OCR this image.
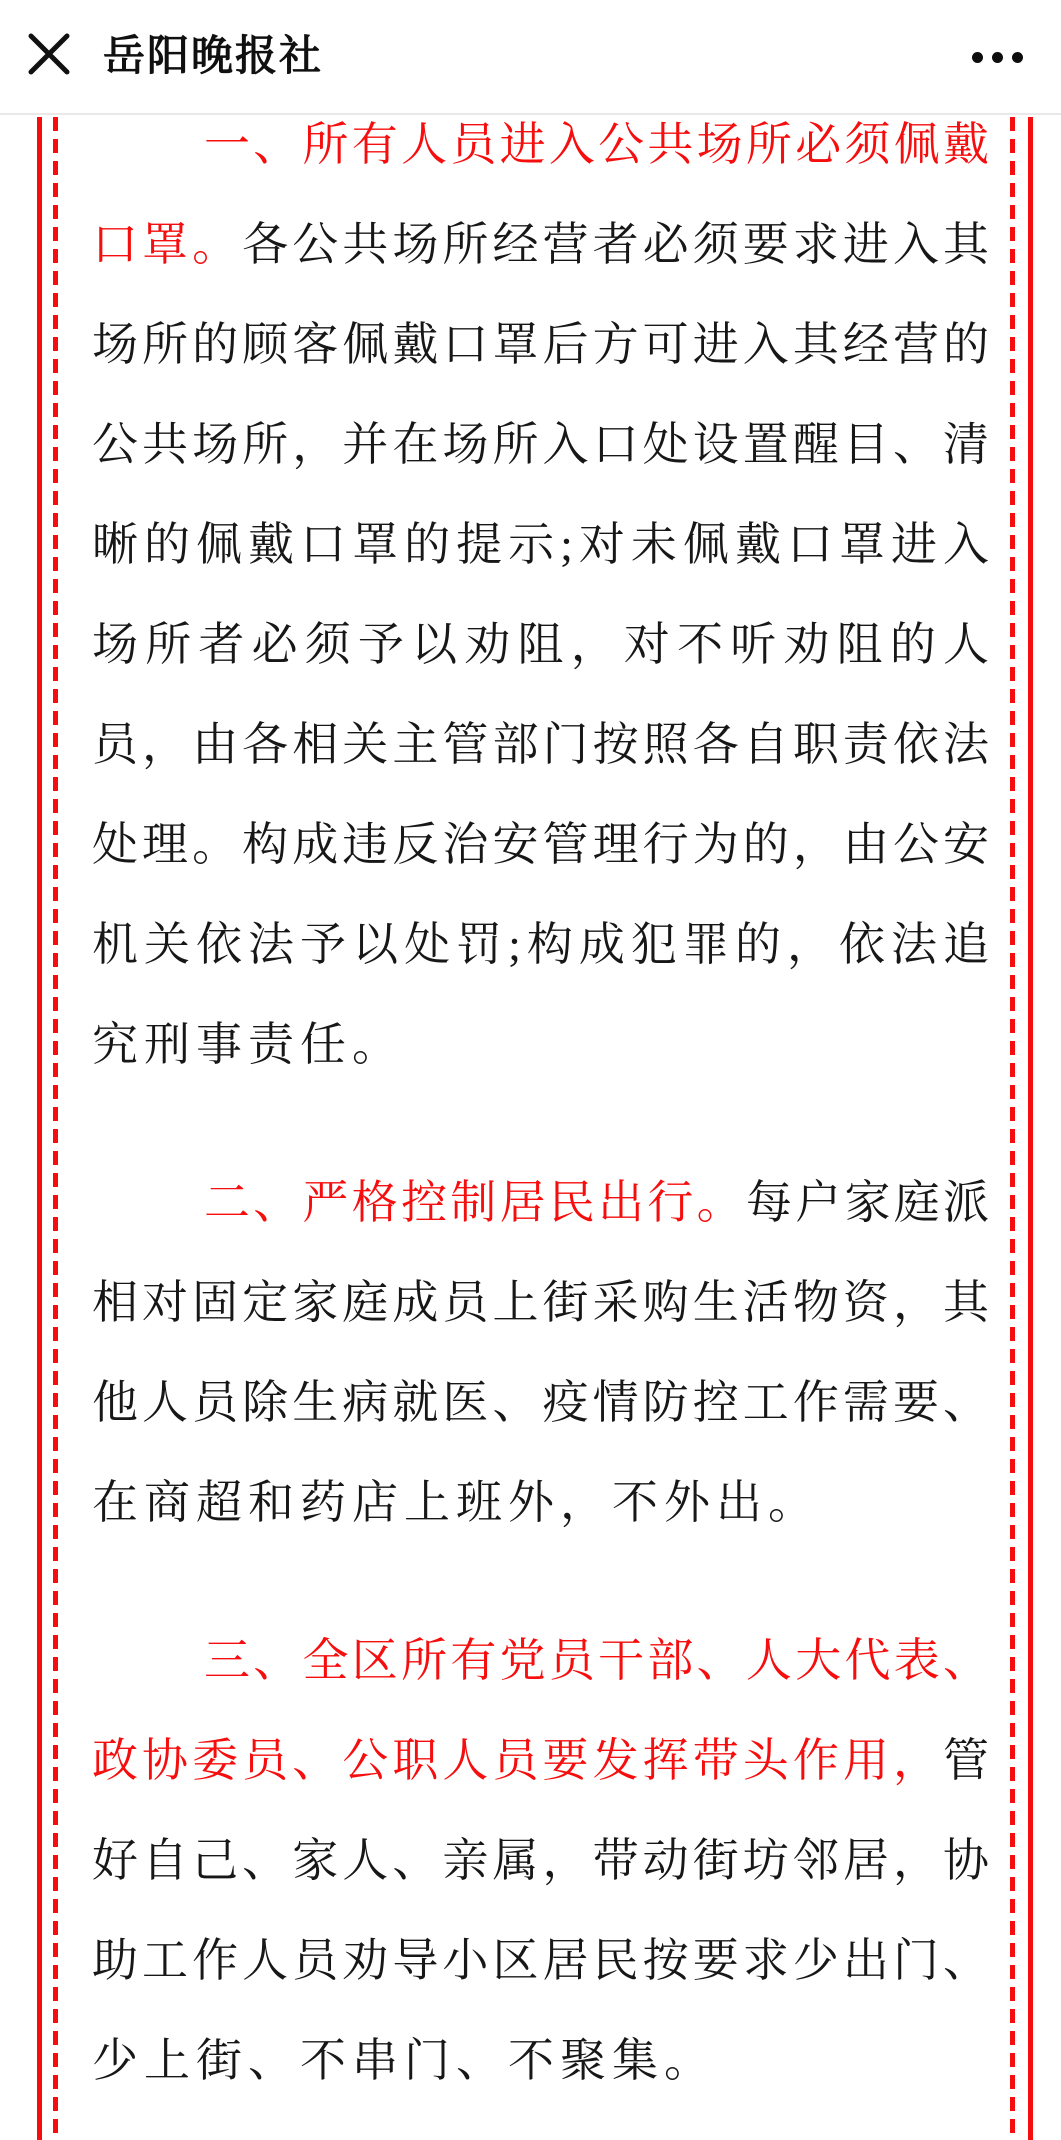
岳阳晚报社
一、所有人员进入公共场所必须佩戴
口罩。各公共场所经营者必须要求进入其
场所的顾客佩戴口罩后方可进入其经营的
公共场所，并在场所入口处设置醒目、清
晰的佩戴口罩的提示;对未佩戴口罩进入
场所者必须予以劝阻，对不听劝阻的人
员，由各相关主管部门按照各自职责依法
处理。构成违反治安管理行为的，由公安
机关依法予以处罚;构成犯罪的，依法追
究刑事责任。
二、严格控制居民出行。每户家庭派
相对固定家庭成员上街采购生活物资，其
他人员除生病就医、疫情防控工作需要、
在商超和药店上班外，不外出。
三、全区所有党员干部、人大代表、
政协委员、公职人员要发挥带头作用，管
好自己、家人、亲属，带动街坊邻居，协
助工作人员劝导小区居民按要求少出门、
少上街、不串门、不聚集。
